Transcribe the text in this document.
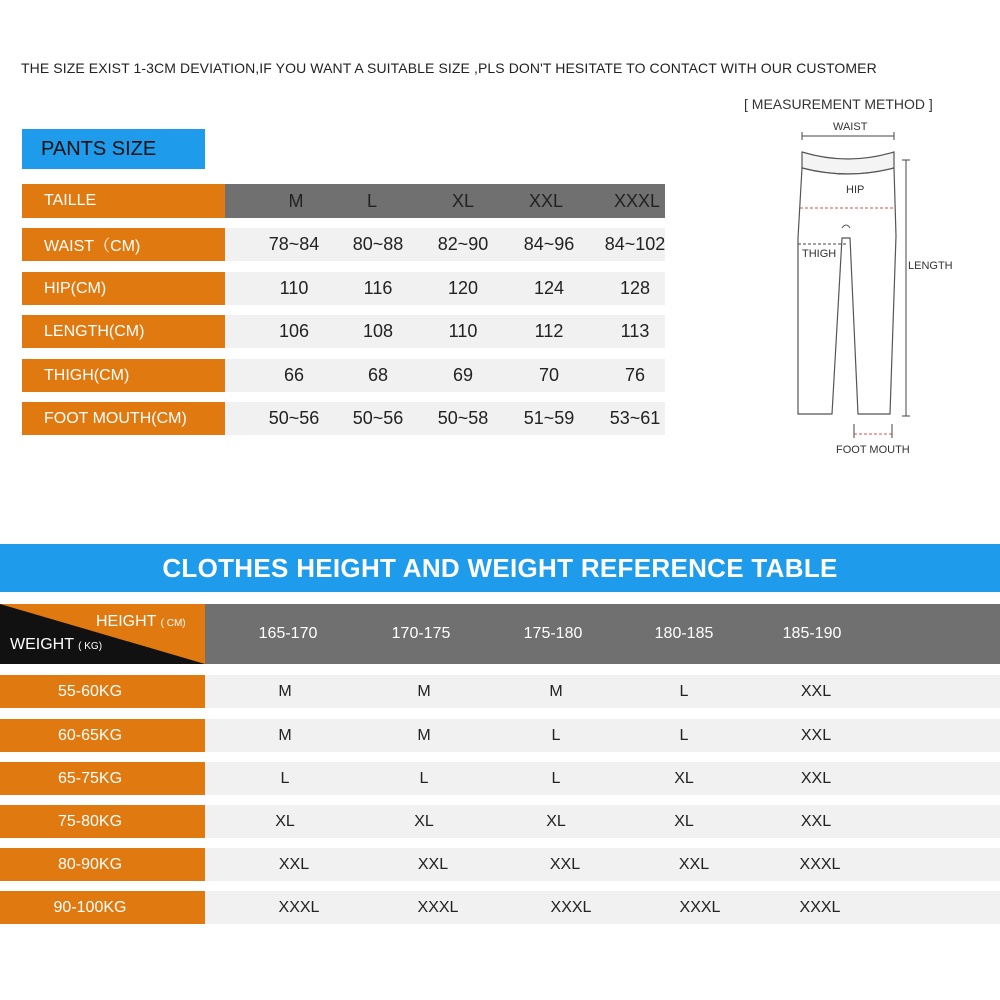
THE SIZE EXIST 1-3CM DEVIATION,IF YOU WANT A SUITABLE SIZE ,PLS DON'T HESITATE TO CONTACT WITH OUR CUSTOMER
PANTS SIZE
TAILLE	M	L	XL	XXL	XXXL
WAIST（CM)	78~84	80~88	82~90	84~96	84~102
HIP(CM)	110	116	120	124	128
LENGTH(CM)	106	108	110	112	113
THIGH(CM)	66	68	69	70	76
FOOT MOUTH(CM)	50~56	50~56	50~58	51~59	53~61
[ MEASUREMENT METHOD ]
WAIST
HIP
THIGH
LENGTH
FOOT MOUTH
CLOTHES HEIGHT AND WEIGHT REFERENCE TABLE
HEIGHT ( CM)
WEIGHT ( KG)
165-170	170-175	175-180	180-185	185-190
55-60KG	M	M	M	L	XXL
60-65KG	M	M	L	L	XXL
65-75KG	L	L	L	XL	XXL
75-80KG	XL	XL	XL	XL	XXL
80-90KG	XXL	XXL	XXL	XXL	XXXL
90-100KG	XXXL	XXXL	XXXL	XXXL	XXXL
